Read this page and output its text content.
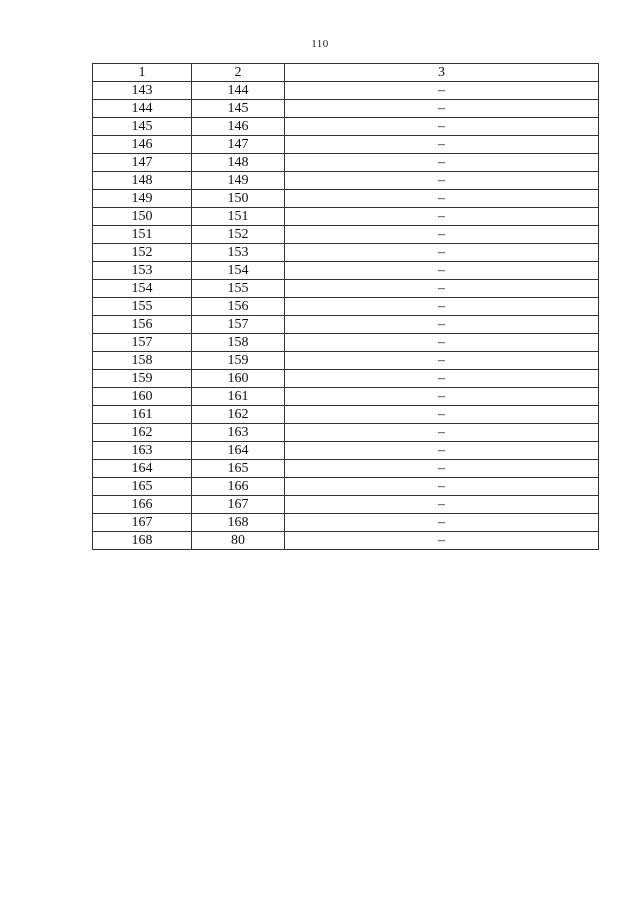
110
1	2	3
143	144	–
144	145	–
145	146	–
146	147	–
147	148	–
148	149	–
149	150	–
150	151	–
151	152	–
152	153	–
153	154	–
154	155	–
155	156	–
156	157	–
157	158	–
158	159	–
159	160	–
160	161	–
161	162	–
162	163	–
163	164	–
164	165	–
165	166	–
166	167	–
167	168	–
168	80	–
